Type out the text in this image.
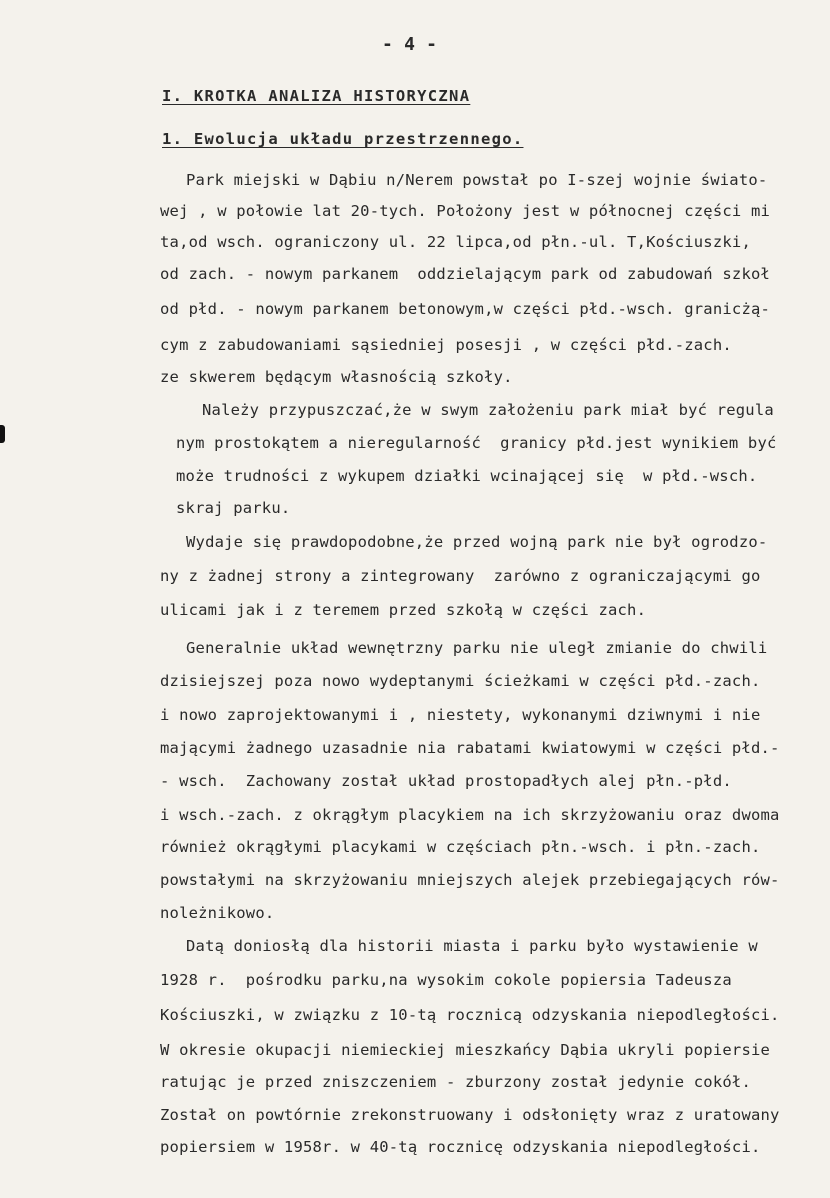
- 4 -
I. KROTKA ANALIZA HISTORYCZNA
1. Ewolucja układu przestrzennego.
Park miejski w Dąbiu n/Nerem powstał po I-szej wojnie świato-
wej , w połowie lat 20-tych. Położony jest w północnej części mi
ta,od wsch. ograniczony ul. 22 lipca,od płn.-ul. T,Kościuszki,
od zach. - nowym parkanem  oddzielającym park od zabudowań szkoł
od płd. - nowym parkanem betonowym,w części płd.-wsch. granicżą-
cym z zabudowaniami sąsiedniej posesji , w części płd.-zach.
ze skwerem będącym własnością szkoły.
Należy przypuszczać,że w swym założeniu park miał być regula
nym prostokątem a nieregularność  granicy płd.jest wynikiem być
może trudności z wykupem działki wcinającej się  w płd.-wsch.
skraj parku.
Wydaje się prawdopodobne,że przed wojną park nie był ogrodzo-
ny z żadnej strony a zintegrowany  zarówno z ograniczającymi go
ulicami jak i z teremem przed szkołą w części zach.
Generalnie układ wewnętrzny parku nie uległ zmianie do chwili
dzisiejszej poza nowo wydeptanymi ścieżkami w części płd.-zach.
i nowo zaprojektowanymi i , niestety, wykonanymi dziwnymi i nie
mającymi żadnego uzasadnie nia rabatami kwiatowymi w części płd.-
- wsch.  Zachowany został układ prostopadłych alej płn.-płd.
i wsch.-zach. z okrągłym placykiem na ich skrzyżowaniu oraz dwoma
również okrągłymi placykami w częściach płn.-wsch. i płn.-zach.
powstałymi na skrzyżowaniu mniejszych alejek przebiegających rów-
noleżnikowo.
Datą doniosłą dla historii miasta i parku było wystawienie w
1928 r.  pośrodku parku,na wysokim cokole popiersia Tadeusza
Kościuszki, w związku z 10-tą rocznicą odzyskania niepodległości.
W okresie okupacji niemieckiej mieszkańcy Dąbia ukryli popiersie
ratując je przed zniszczeniem - zburzony został jedynie cokół.
Został on powtórnie zrekonstruowany i odsłonięty wraz z uratowany
popiersiem w 1958r. w 40-tą rocznicę odzyskania niepodległości.
